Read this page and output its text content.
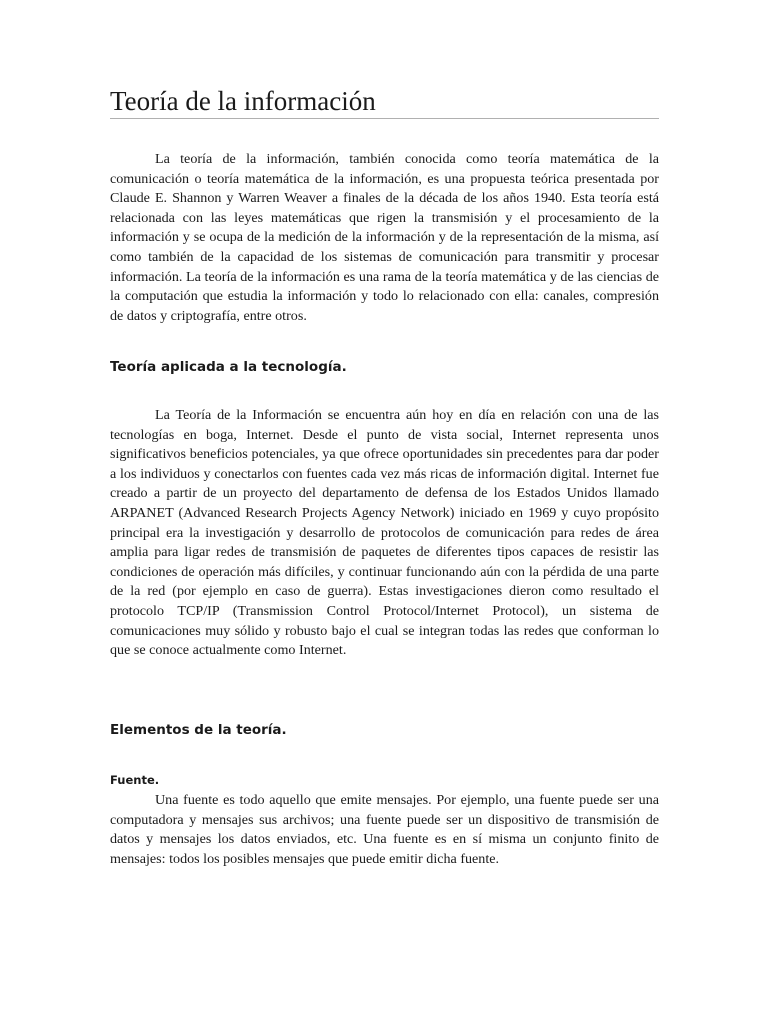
Teoría de la información

La teoría de la información, también conocida como teoría matemática de la comunicación o teoría matemática de la información, es una propuesta teórica presentada por Claude E. Shannon y Warren Weaver a finales de la década de los años 1940. Esta teoría está relacionada con las leyes matemáticas que rigen la transmisión y el procesamiento de la información y se ocupa de la medición de la información y de la representación de la misma, así como también de la capacidad de los sistemas de comunicación para transmitir y procesar información. La teoría de la información es una rama de la teoría matemática y de las ciencias de la computación que estudia la información y todo lo relacionado con ella: canales, compresión de datos y criptografía, entre otros.

Teoría aplicada a la tecnología.

La Teoría de la Información se encuentra aún hoy en día en relación con una de las tecnologías en boga, Internet. Desde el punto de vista social, Internet representa unos significativos beneficios potenciales, ya que ofrece oportunidades sin precedentes para dar poder a los individuos y conectarlos con fuentes cada vez más ricas de información digital. Internet fue creado a partir de un proyecto del departamento de defensa de los Estados Unidos llamado ARPANET (Advanced Research Projects Agency Network) iniciado en 1969 y cuyo propósito principal era la investigación y desarrollo de protocolos de comunicación para redes de área amplia para ligar redes de transmisión de paquetes de diferentes tipos capaces de resistir las condiciones de operación más difíciles, y continuar funcionando aún con la pérdida de una parte de la red (por ejemplo en caso de guerra). Estas investigaciones dieron como resultado el protocolo TCP/IP (Transmission Control Protocol/Internet Protocol), un sistema de comunicaciones muy sólido y robusto bajo el cual se integran todas las redes que conforman lo que se conoce actualmente como Internet.

Elementos de la teoría.
Fuente.

Una fuente es todo aquello que emite mensajes. Por ejemplo, una fuente puede ser una computadora y mensajes sus archivos; una fuente puede ser un dispositivo de transmisión de datos y mensajes los datos enviados, etc. Una fuente es en sí misma un conjunto finito de mensajes: todos los posibles mensajes que puede emitir dicha fuente.
